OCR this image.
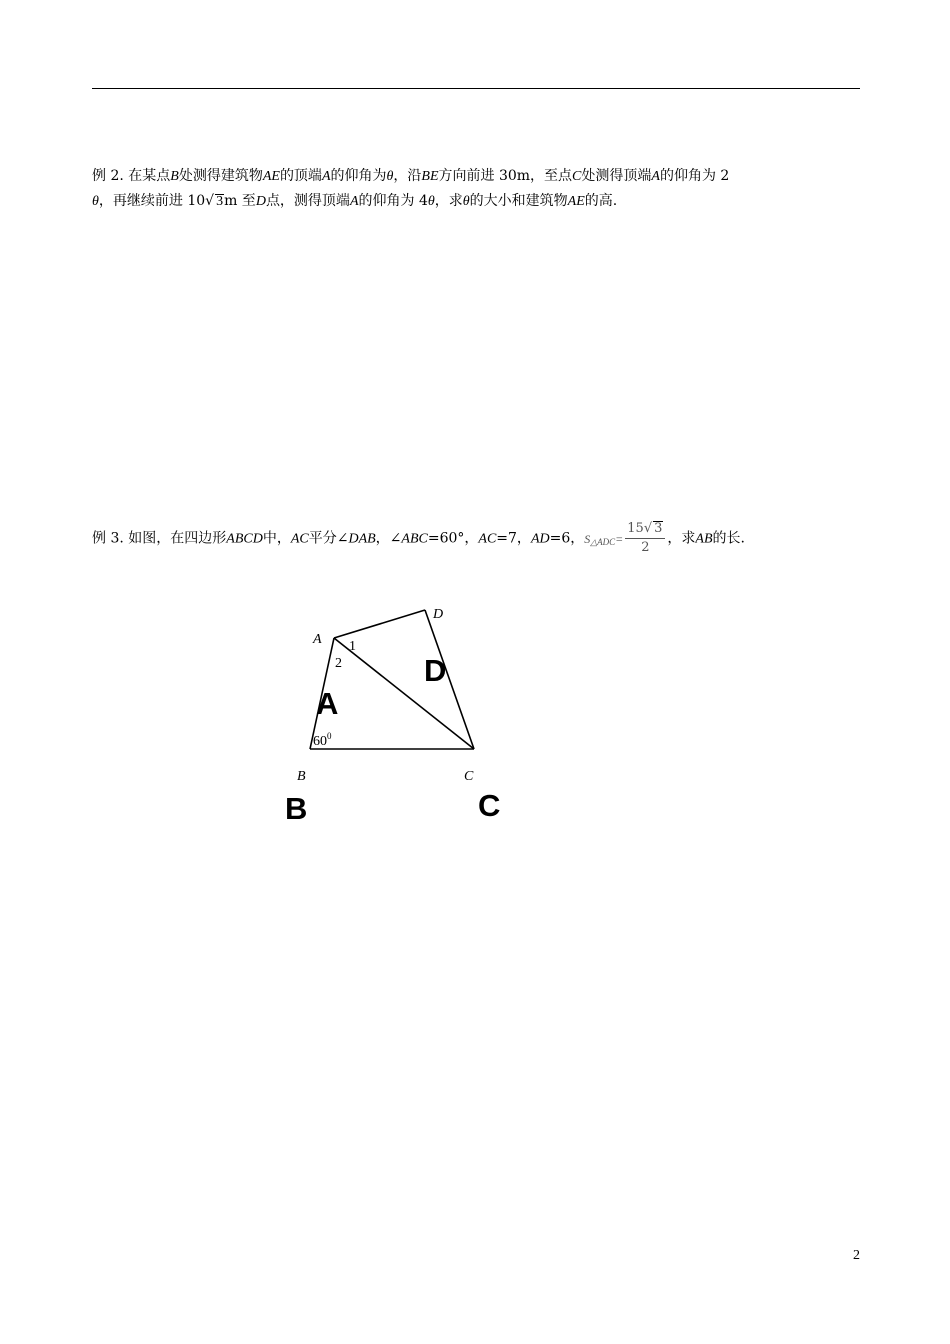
例 2. 在某点B处测得建筑物AE的顶端A的仰角为θ，沿BE方向前进 30m，至点C处测得顶端A的仰角为 2
θ，再继续前进 10√ 3m 至D点，测得顶端A的仰角为 4θ，求θ的大小和建筑物AE的高.
例 3. 如图，在四边形ABCD中，AC平分∠DAB，∠ABC=60°，AC=7，AD=6，$S_{\triangle ADC}= \frac{15√ 3}{2}$ ，求AB的长.
A
D
B	C
1
2
$60^0$
A
D
B	C
2
